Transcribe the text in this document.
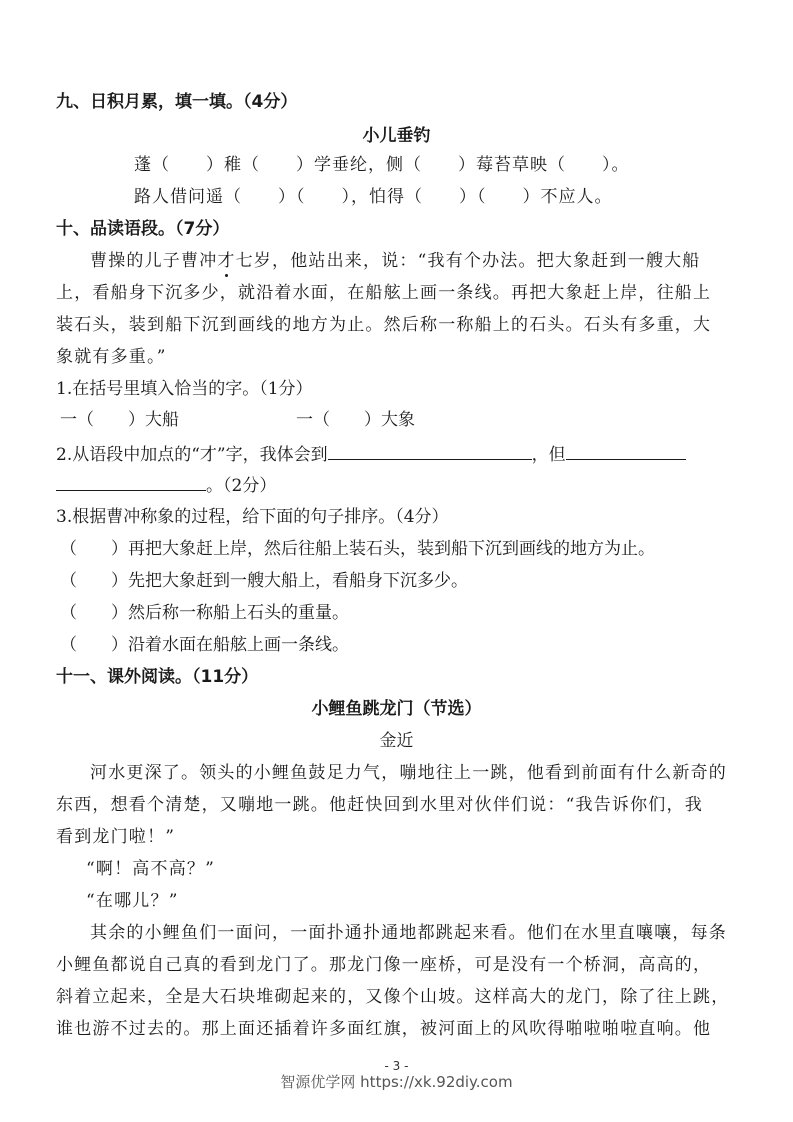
九、日积月累，填一填。（4分）
小儿垂钓
蓬（　　）稚（　　）学垂纶，侧（　　）莓苔草映（　　）。
路人借问遥（　　）（　　），怕得（　　）（　　）不应人。
十、品读语段。（7分）
曹操的儿子曹冲才七岁，他站出来，说：“我有个办法。把大象赶到一艘大船
上，看船身下沉多少，就沿着水面，在船舷上画一条线。再把大象赶上岸，往船上
装石头，装到船下沉到画线的地方为止。然后称一称船上的石头。石头有多重，大
象就有多重。”
1.在括号里填入恰当的字。（1分）
一（　　）大船	一（　　）大象
2.从语段中加点的“才”字，我体会到	，但
。（2分）
3.根据曹冲称象的过程，给下面的句子排序。（4分）
（　　）再把大象赶上岸，然后往船上装石头，装到船下沉到画线的地方为止。
（　　）先把大象赶到一艘大船上，看船身下沉多少。
（　　）然后称一称船上石头的重量。
（　　）沿着水面在船舷上画一条线。
十一、课外阅读。（11分）
小鲤鱼跳龙门（节选）
金近
河水更深了。领头的小鲤鱼鼓足力气，嘣地往上一跳，他看到前面有什么新奇的
东西，想看个清楚，又嘣地一跳。他赶快回到水里对伙伴们说：“我告诉你们，我
看到龙门啦！”
“啊！高不高？”
“在哪儿？”
其余的小鲤鱼们一面问，一面扑通扑通地都跳起来看。他们在水里直嚷嚷，每条
小鲤鱼都说自己真的看到龙门了。那龙门像一座桥，可是没有一个桥洞，高高的，
斜着立起来，全是大石块堆砌起来的，又像个山坡。这样高大的龙门，除了往上跳，
谁也游不过去的。那上面还插着许多面红旗，被河面上的风吹得啪啦啪啦直响。他
- 3 -
智源优学网 https://xk.92diy.com
